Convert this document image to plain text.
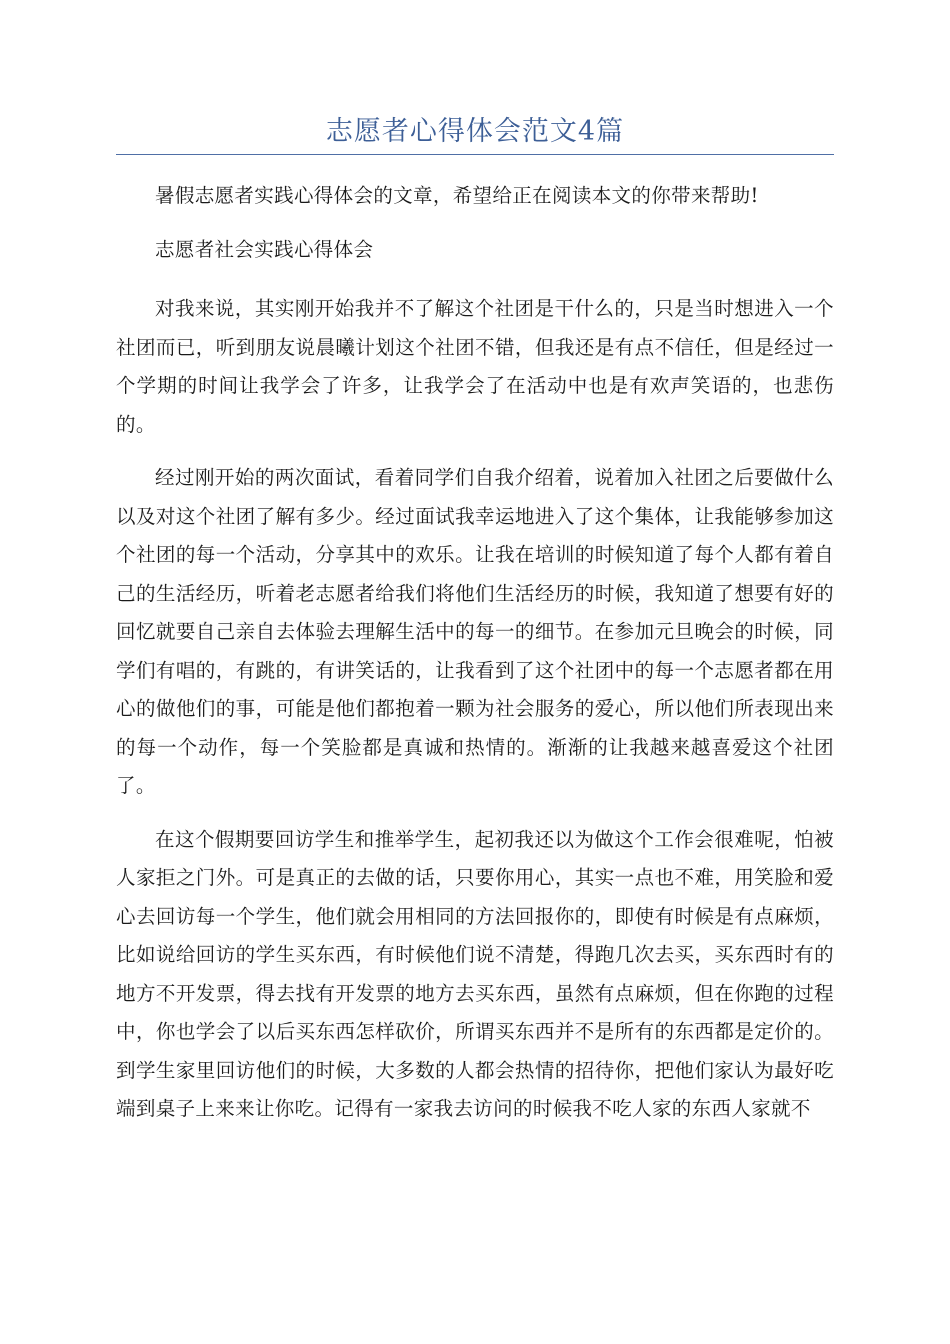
志愿者心得体会范文4篇

暑假志愿者实践心得体会的文章，希望给正在阅读本文的你带来帮助!

志愿者社会实践心得体会

对我来说，其实刚开始我并不了解这个社团是干什么的，只是当时想进入一个社团而已，听到朋友说晨曦计划这个社团不错，但我还是有点不信任，但是经过一个学期的时间让我学会了许多，让我学会了在活动中也是有欢声笑语的，也悲伤的。

经过刚开始的两次面试，看着同学们自我介绍着，说着加入社团之后要做什么以及对这个社团了解有多少。经过面试我幸运地进入了这个集体，让我能够参加这个社团的每一个活动，分享其中的欢乐。让我在培训的时候知道了每个人都有着自己的生活经历，听着老志愿者给我们将他们生活经历的时候，我知道了想要有好的回忆就要自己亲自去体验去理解生活中的每一的细节。在参加元旦晚会的时候，同学们有唱的，有跳的，有讲笑话的，让我看到了这个社团中的每一个志愿者都在用心的做他们的事，可能是他们都抱着一颗为社会服务的爱心，所以他们所表现出来的每一个动作，每一个笑脸都是真诚和热情的。渐渐的让我越来越喜爱这个社团了。

在这个假期要回访学生和推举学生，起初我还以为做这个工作会很难呢，怕被人家拒之门外。可是真正的去做的话，只要你用心，其实一点也不难，用笑脸和爱心去回访每一个学生，他们就会用相同的方法回报你的，即使有时候是有点麻烦，比如说给回访的学生买东西，有时候他们说不清楚，得跑几次去买，买东西时有的地方不开发票，得去找有开发票的地方去买东西，虽然有点麻烦，但在你跑的过程中，你也学会了以后买东西怎样砍价，所谓买东西并不是所有的东西都是定价的。到学生家里回访他们的时候，大多数的人都会热情的招待你，把他们家认为最好吃端到桌子上来来让你吃。记得有一家我去访问的时候我不吃人家的东西人家就不
